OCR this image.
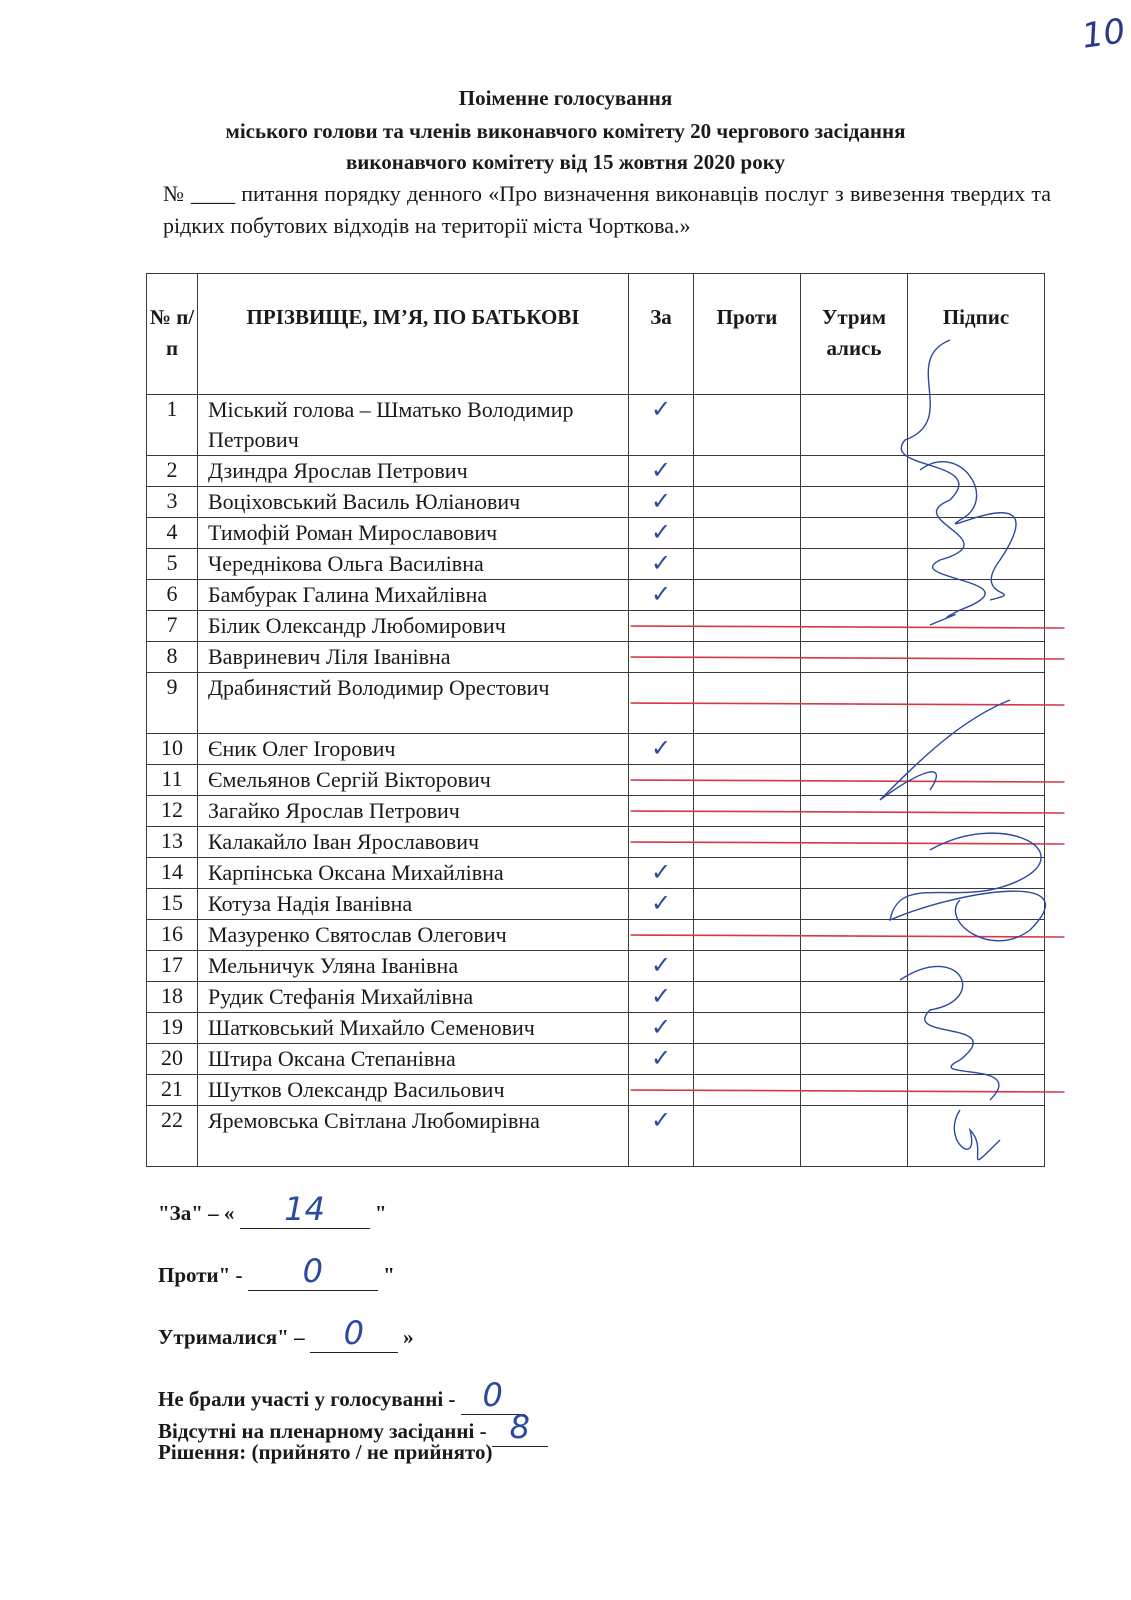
10
Поіменне голосування
міського голови та членів виконавчого комітету 20 чергового засідання
виконавчого комітету від 15 жовтня 2020 року
№ ____ питання порядку денного «Про визначення виконавців послуг з вивезення твердих та рідких побутових відходів на території міста Чорткова.»
№ п/п	ПРІЗВИЩЕ, ІМ’Я, ПО БАТЬКОВІ	За	Проти	Утрим ались	Підпис
1	Міський голова – Шматько Володимир Петрович	✓			

2	Дзиндра Ярослав Петрович	✓			

3	Воціховський Василь Юліанович	✓			

4	Тимофій Роман Мирославович	✓			

5	Череднікова Ольга Василівна	✓			

6	Бамбурак Галина Михайлівна	✓			

7	Білик Олександр Любомирович	

8	Вавриневич Ліля Іванівна	

9	Драбинястий Володимир Орестович	

10	Єник Олег Ігорович	✓			

11	Ємельянов Сергій Вікторович	

12	Загайко Ярослав Петрович	

13	Калакайло Іван Ярославович	

14	Карпінська Оксана Михайлівна	✓			

15	Котуза Надія Іванівна	✓			

16	Мазуренко Святослав Олегович	

17	Мельничук Уляна Іванівна	✓			

18	Рудик Стефанія Михайлівна	✓			

19	Шатковський Михайло Семенович	✓			

20	Штира Оксана Степанівна	✓			

21	Шутков Олександр Васильович	

22	Яремовська Світлана Любомирівна	✓			

"За" – « 14 "
Проти" - 0	"
Утрималися" – 0 »
Не брали участі у голосуванні - 0
Відсутні на пленарному засіданні - 8
Рішення: (прийнято / не прийнято)
